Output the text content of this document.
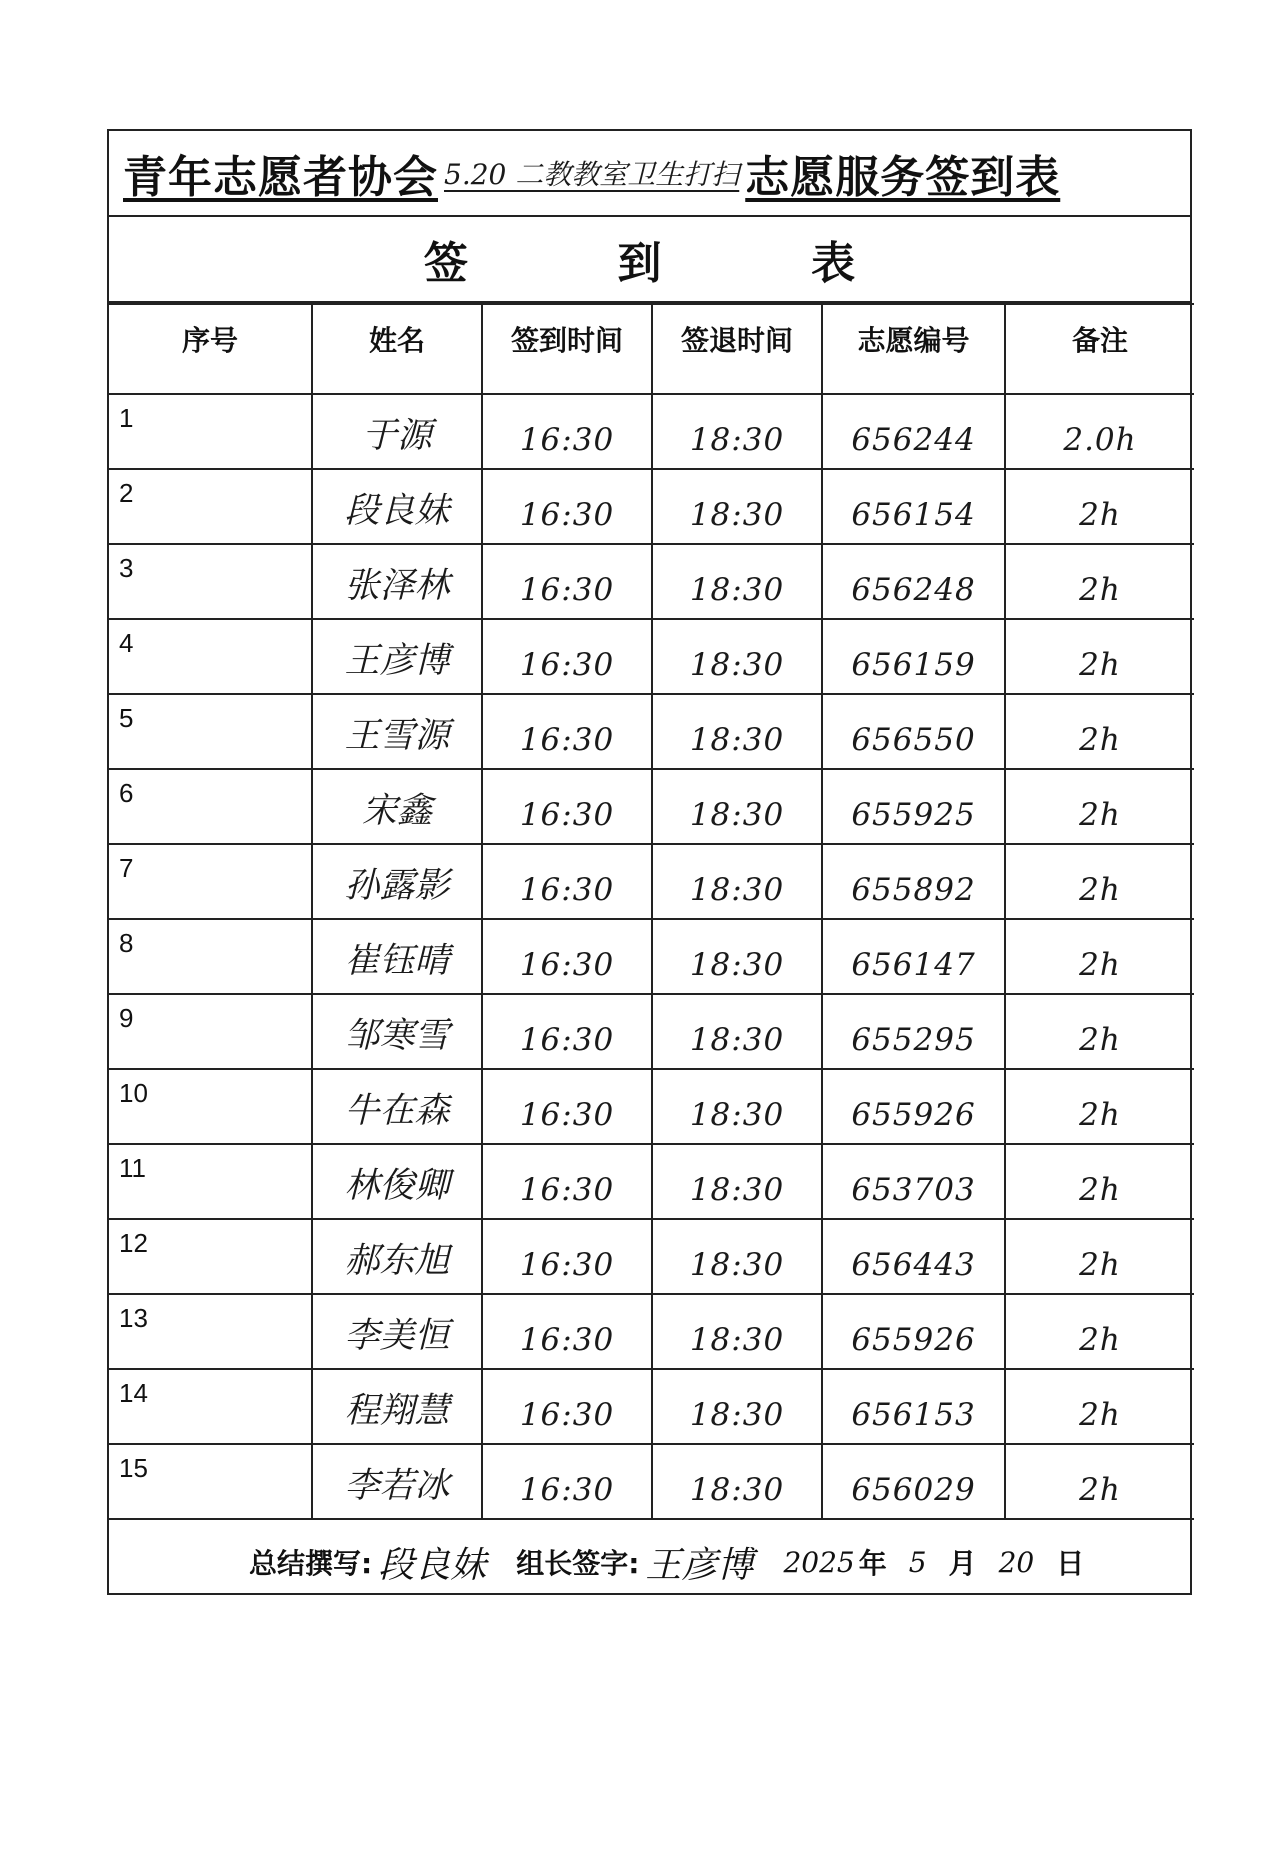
青年志愿者协会 5.20 二教教室卫生打扫 志愿服务签到表
签	到	表
序号	姓名	签到时间	签退时间	志愿编号	备注

1	于源	16:30	18:30	656244	2.0h

2	段良妹	16:30	18:30	656154	2h

3	张泽林	16:30	18:30	656248	2h

4	王彦博	16:30	18:30	656159	2h

5	王雪源	16:30	18:30	656550	2h

6	宋鑫	16:30	18:30	655925	2h

7	孙露影	16:30	18:30	655892	2h

8	崔钰晴	16:30	18:30	656147	2h

9	邹寒雪	16:30	18:30	655295	2h

10	牛在森	16:30	18:30	655926	2h

11	林俊卿	16:30	18:30	653703	2h

12	郝东旭	16:30	18:30	656443	2h

13	李美恒	16:30	18:30	655926	2h

14	程翔慧	16:30	18:30	656153	2h

15	李若冰	16:30	18:30	656029	2h
总结撰写: 段良妹 组长签字: 王彦博 2025 年 5 月 20 日
